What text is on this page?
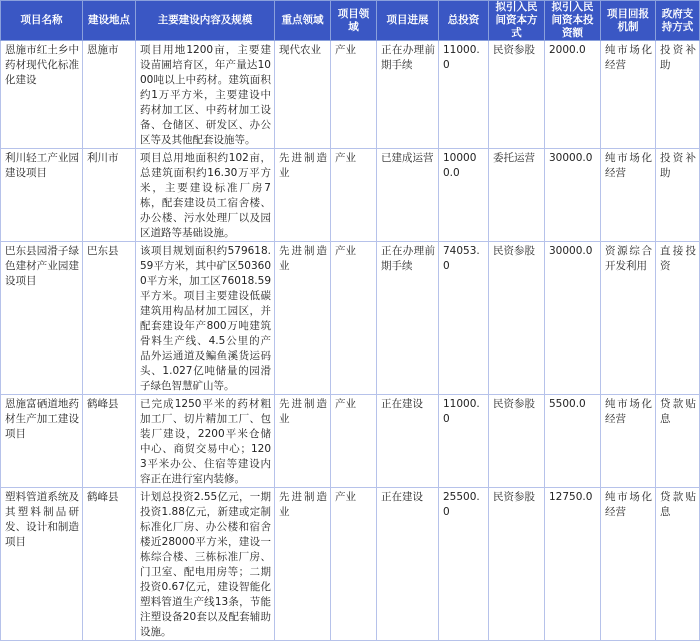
项目名称	建设地点	主要建设内容及规模	重点领域	项目领域	项目进展	总投资	拟引入民间资本方式	拟引入民间资本投资额	项目回报机制	政府支持方式
恩施市红土乡中药材现代化标准化建设	恩施市	项目用地1200亩，主要建设苗圃培育区，年产量达1000吨以上中药材。建筑面积约1万平方米，主要建设中药材加工区、中药材加工设备、仓储区、研发区、办公区等及其他配套设施等。	现代农业	产业	正在办理前期手续	11000.0	民资参股	2000.0	纯市场化经营	投资补助
利川轻工产业园建设项目	利川市	项目总用地面积约102亩，总建筑面积约16.30万平方米，主要建设标准厂房7栋，配套建设员工宿舍楼、办公楼、污水处理厂以及园区道路等基础设施。	先进制造业	产业	已建成运营	100000.0	委托运营	30000.0	纯市场化经营	投资补助
巴东县园滑子绿色建材产业园建设项目	巴东县	该项目规划面积约579618.59平方米，其中矿区503600平方米，加工区76018.59平方米。项目主要建设低碳建筑用构品材加工园区，并配套建设年产800万吨建筑骨料生产线、4.5公里的产品外运通道及鳊鱼溪货运码头、1.027亿吨储量的园滑子绿色智慧矿山等。	先进制造业	产业	正在办理前期手续	74053.0	民资参股	30000.0	资源综合开发利用	直接投资
恩施富硒道地药材生产加工建设项目	鹤峰县	已完成1250平米的药材粗加工厂、切片精加工厂、包装厂建设，2200平米仓储中心、商贸交易中心；1203平米办公、住宿等建设内容正在进行室内装修。	先进制造业	产业	正在建设	11000.0	民资参股	5500.0	纯市场化经营	贷款贴息
塑料管道系统及其塑料制品研发、设计和制造项目	鹤峰县	计划总投资2.55亿元，一期投资1.88亿元，新建或定制标准化厂房、办公楼和宿舍楼近28000平方米，建设一栋综合楼、三栋标准厂房、门卫室、配电用房等；二期投资0.67亿元，建设智能化塑料管道生产线13条，节能注塑设备20套以及配套辅助设施。	先进制造业	产业	正在建设	25500.0	民资参股	12750.0	纯市场化经营	贷款贴息
